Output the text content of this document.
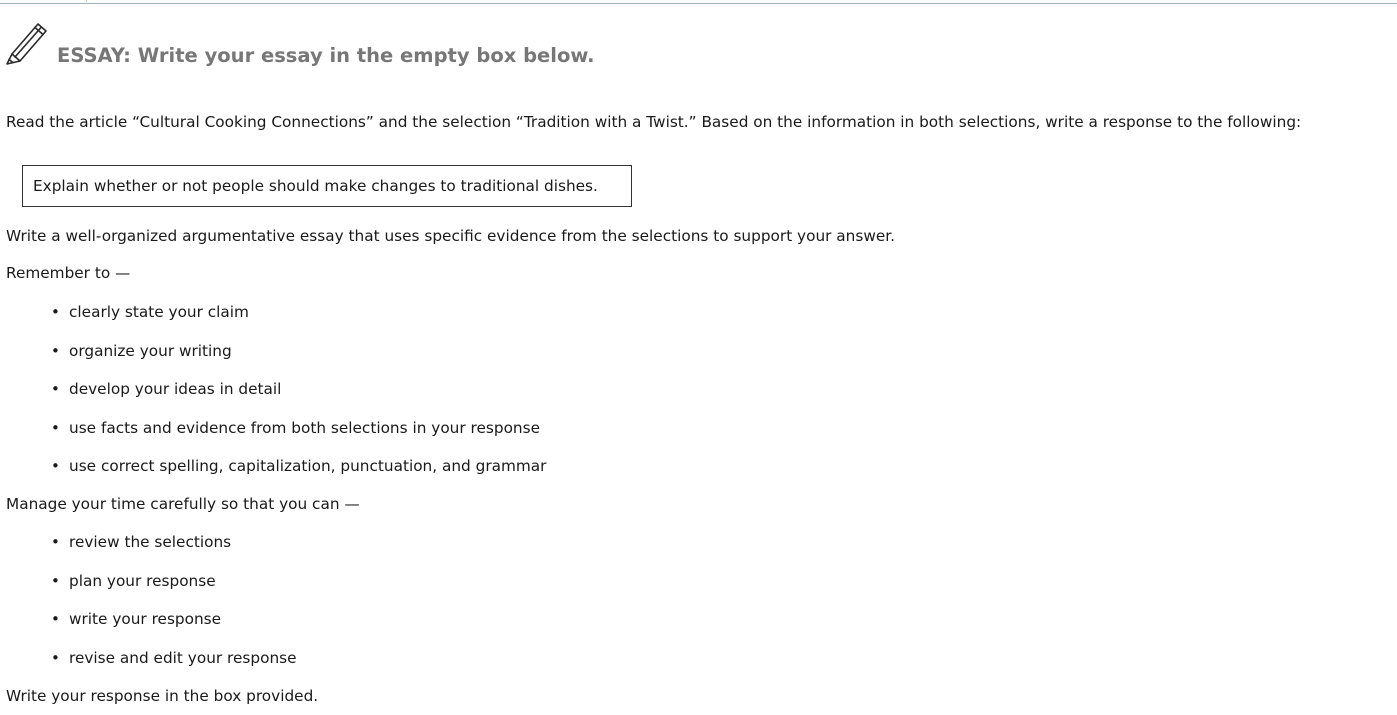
ESSAY: Write your essay in the empty box below.
Read the article “Cultural Cooking Connections” and the selection “Tradition with a Twist.” Based on the information in both selections, write a response to the following:
Explain whether or not people should make changes to traditional dishes.
Write a well-organized argumentative essay that uses specific evidence from the selections to support your answer.
Remember to —
• clearly state your claim
• organize your writing
• develop your ideas in detail
• use facts and evidence from both selections in your response
• use correct spelling, capitalization, punctuation, and grammar
Manage your time carefully so that you can —
• review the selections
• plan your response
• write your response
• revise and edit your response
Write your response in the box provided.
